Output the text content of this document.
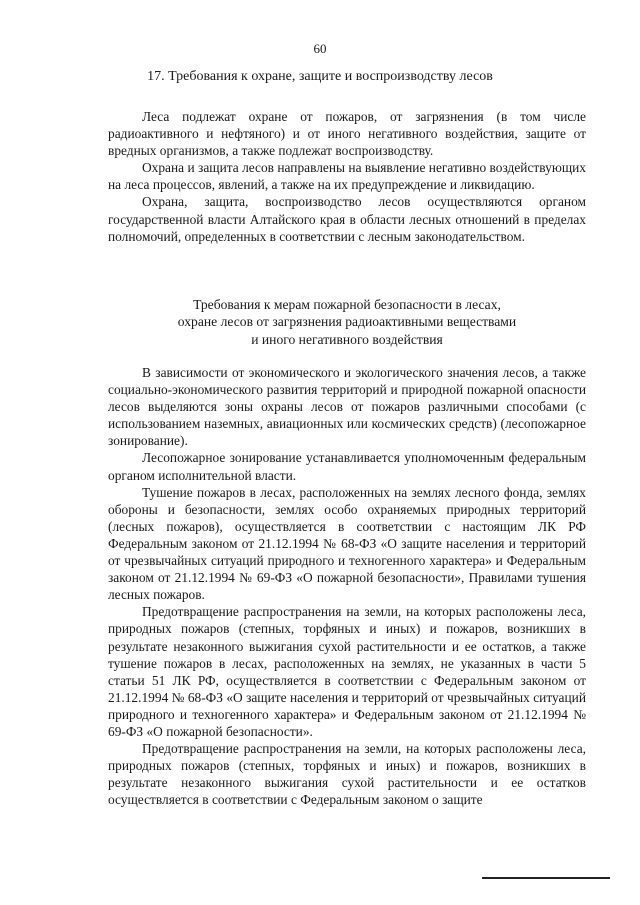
60
17. Требования к охране, защите и воспроизводству лесов

Леса подлежат охране от пожаров, от загрязнения (в том числе радиоактивного и нефтяного) и от иного негативного воздействия, защите от вредных организмов, а также подлежат воспроизводству.

Охрана и защита лесов направлены на выявление негативно воздействующих на леса процессов, явлений, а также на их предупреждение и ликвидацию.

Охрана, защита, воспроизводство лесов осуществляются органом государственной власти Алтайского края в области лесных отношений в пределах полномочий, определенных в соответствии с лесным законодательством.

Требования к мерам пожарной безопасности в лесах,
охране лесов от загрязнения радиоактивными веществами
и иного негативного воздействия

В зависимости от экономического и экологического значения лесов, а также социально-экономического развития территорий и природной пожарной опасности лесов выделяются зоны охраны лесов от пожаров различными способами (с использованием наземных, авиационных или космических средств) (лесопожарное зонирование).

Лесопожарное зонирование устанавливается уполномоченным федеральным органом исполнительной власти.

Тушение пожаров в лесах, расположенных на землях лесного фонда, землях обороны и безопасности, землях особо охраняемых природных территорий (лесных пожаров), осуществляется в соответствии с настоящим ЛК РФ Федеральным законом от 21.12.1994 № 68-ФЗ «О защите населения и территорий от чрезвычайных ситуаций природного и техногенного характера» и Федеральным законом от 21.12.1994 № 69-ФЗ «О пожарной безопасности», Правилами тушения лесных пожаров.

Предотвращение распространения на земли, на которых расположены леса, природных пожаров (степных, торфяных и иных) и пожаров, возникших в результате незаконного выжигания сухой растительности и ее остатков, а также тушение пожаров в лесах, расположенных на землях, не указанных в части 5 статьи 51 ЛК РФ, осуществляется в соответствии с Федеральным законом от 21.12.1994 № 68-ФЗ «О защите населения и территорий от чрезвычайных ситуаций природного и техногенного характера» и Федеральным законом от 21.12.1994 № 69-ФЗ «О пожарной безопасности».

Предотвращение распространения на земли, на которых расположены леса, природных пожаров (степных, торфяных и иных) и пожаров, возникших в результате незаконного выжигания сухой растительности и ее остатков осуществляется в соответствии с Федеральным законом о защите
